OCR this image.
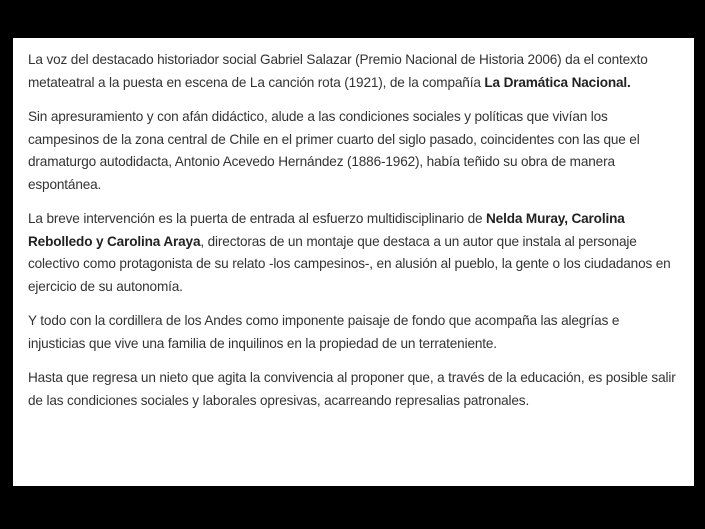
La voz del destacado historiador social Gabriel Salazar (Premio Nacional de Historia 2006) da el contexto metateatral a la puesta en escena de La canción rota (1921), de la compañía La Dramática Nacional.

Sin apresuramiento y con afán didáctico, alude a las condiciones sociales y políticas que vivían los campesinos de la zona central de Chile en el primer cuarto del siglo pasado, coincidentes con las que el dramaturgo autodidacta, Antonio Acevedo Hernández (1886-1962), había teñido su obra de manera espontánea.

La breve intervención es la puerta de entrada al esfuerzo multidisciplinario de Nelda Muray, Carolina Rebolledo y Carolina Araya, directoras de un montaje que destaca a un autor que instala al personaje colectivo como protagonista de su relato -los campesinos-, en alusión al pueblo, la gente o los ciudadanos en ejercicio de su autonomía.

Y todo con la cordillera de los Andes como imponente paisaje de fondo que acompaña las alegrías e injusticias que vive una familia de inquilinos en la propiedad de un terrateniente.

Hasta que regresa un nieto que agita la convivencia al proponer que, a través de la educación, es posible salir de las condiciones sociales y laborales opresivas, acarreando represalias patronales.
